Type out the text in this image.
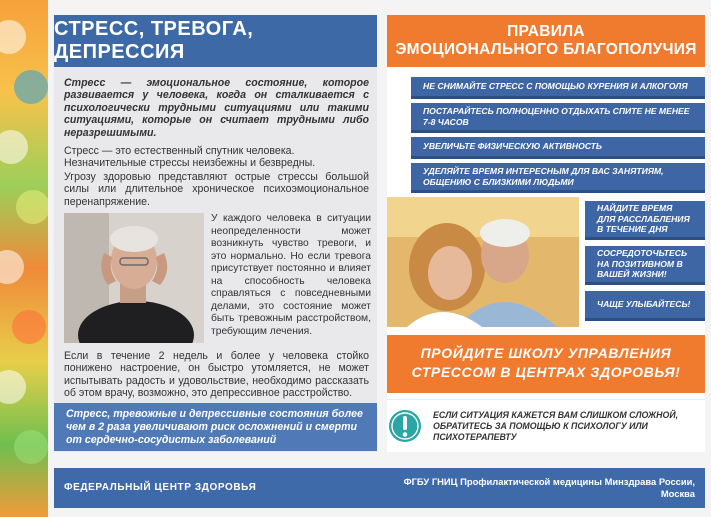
СТРЕСС, ТРЕВОГА, ДЕПРЕССИЯ
Стресс — эмоциональное состояние, которое развивается у человека, когда он сталкивается с психологически трудными ситуациями или такими ситуациями, которые он считает трудными либо неразрешимыми.
Стресс — это естественный спутник человека. Незначительные стрессы неизбежны и безвредны.
Угрозу здоровью представляют острые стрессы большой силы или длительное хроническое психоэмоциональное перенапряжение.
У каждого человека в ситуации неопределенности может возникнуть чувство тревоги, и это нормально. Но если тревога присутствует постоянно и влияет на способность человека справляться с повседневными делами, это состояние может быть тревожным расстройством, требующим лечения.
Если в течение 2 недель и более у человека стойко понижено настроение, он быстро утомляется, не может испытывать радость и удовольствие, необходимо рассказать об этом врачу, возможно, это депрессивное расстройство.
Стресс, тревожные и депрессивные состояния более чем в 2 раза увеличивают риск осложнений и смерти от сердечно-сосудистых заболеваний
ПРАВИЛА
ЭМОЦИОНАЛЬНОГО БЛАГОПОЛУЧИЯ
НЕ СНИМАЙТЕ СТРЕСС С ПОМОЩЬЮ КУРЕНИЯ И АЛКОГОЛЯ
ПОСТАРАЙТЕСЬ ПОЛНОЦЕННО ОТДЫХАТЬ СПИТЕ НЕ МЕНЕЕ 7-8 ЧАСОВ
УВЕЛИЧЬТЕ ФИЗИЧЕСКУЮ АКТИВНОСТЬ
УДЕЛЯЙТЕ ВРЕМЯ ИНТЕРЕСНЫМ ДЛЯ ВАС ЗАНЯТИЯМ, ОБЩЕНИЮ С БЛИЗКИМИ ЛЮДЬМИ
НАЙДИТЕ ВРЕМЯ ДЛЯ РАССЛАБЛЕНИЯ В ТЕЧЕНИЕ ДНЯ
СОСРЕДОТОЧЬТЕСЬ НА ПОЗИТИВНОМ В ВАШЕЙ ЖИЗНИ!
ЧАЩЕ УЛЫБАЙТЕСЬ!
ПРОЙДИТЕ ШКОЛУ УПРАВЛЕНИЯ
СТРЕССОМ В ЦЕНТРАХ ЗДОРОВЬЯ!
ЕСЛИ СИТУАЦИЯ КАЖЕТСЯ ВАМ СЛИШКОМ СЛОЖНОЙ, ОБРАТИТЕСЬ ЗА ПОМОЩЬЮ К ПСИХОЛОГУ ИЛИ ПСИХОТЕРАПЕВТУ
ФЕДЕРАЛЬНЫЙ ЦЕНТР ЗДОРОВЬЯ
ФГБУ ГНИЦ Профилактической медицины Минздрава России,
Москва
